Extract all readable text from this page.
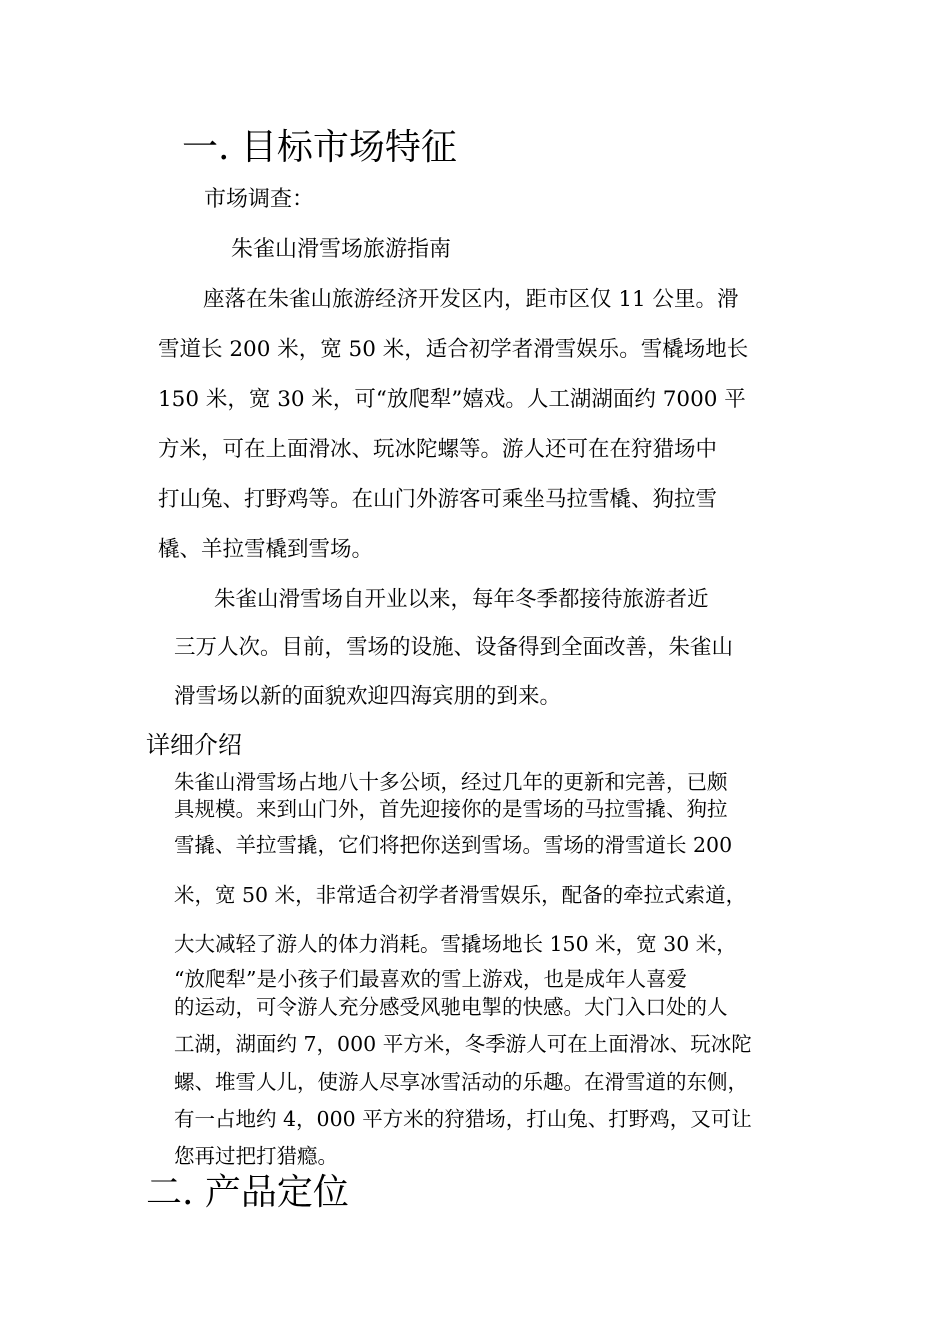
一. 目标市场特征
市场调查：
朱雀山滑雪场旅游指南
座落在朱雀山旅游经济开发区内，距市区仅 11 公里。滑
雪道长 200 米，宽 50 米，适合初学者滑雪娱乐。雪橇场地长
150 米，宽 30 米，可“放爬犁”嬉戏。人工湖湖面约 7000 平
方米，可在上面滑冰、玩冰陀螺等。游人还可在在狩猎场中
打山兔、打野鸡等。在山门外游客可乘坐马拉雪橇、狗拉雪
橇、羊拉雪橇到雪场。
朱雀山滑雪场自开业以来，每年冬季都接待旅游者近
三万人次。目前，雪场的设施、设备得到全面改善，朱雀山
滑雪场以新的面貌欢迎四海宾朋的到来。
详细介绍
朱雀山滑雪场占地八十多公顷，经过几年的更新和完善，已颇
具规模。来到山门外，首先迎接你的是雪场的马拉雪撬、狗拉
雪撬、羊拉雪撬，它们将把你送到雪场。雪场的滑雪道长 200
米，宽 50 米，非常适合初学者滑雪娱乐，配备的牵拉式索道，
大大减轻了游人的体力消耗。雪撬场地长 150 米，宽 30 米，
“放爬犁”是小孩子们最喜欢的雪上游戏，也是成年人喜爱
的运动，可令游人充分感受风驰电掣的快感。大门入口处的人
工湖，湖面约 7，000 平方米，冬季游人可在上面滑冰、玩冰陀
螺、堆雪人儿，使游人尽享冰雪活动的乐趣。在滑雪道的东侧，
有一占地约 4，000 平方米的狩猎场，打山兔、打野鸡，又可让
您再过把打猎瘾。
二. 产品定位
